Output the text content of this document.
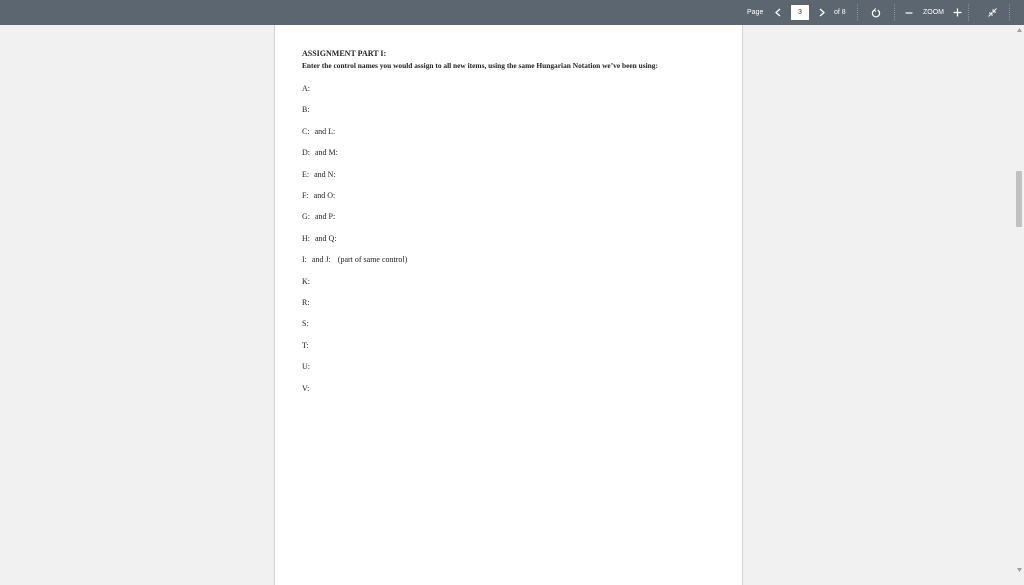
Page
3	of 8	ZOOM
ASSIGNMENT PART I:
Enter the control names you would assign to all new items, using the same Hungarian Notation we’ve been using:
A:
B:
C: and L:
D: and M:
E: and N:
F: and O:
G: and P:
H: and Q:
I: and J: (part of same control)
K:
R:
S:
T:
U:
V:
